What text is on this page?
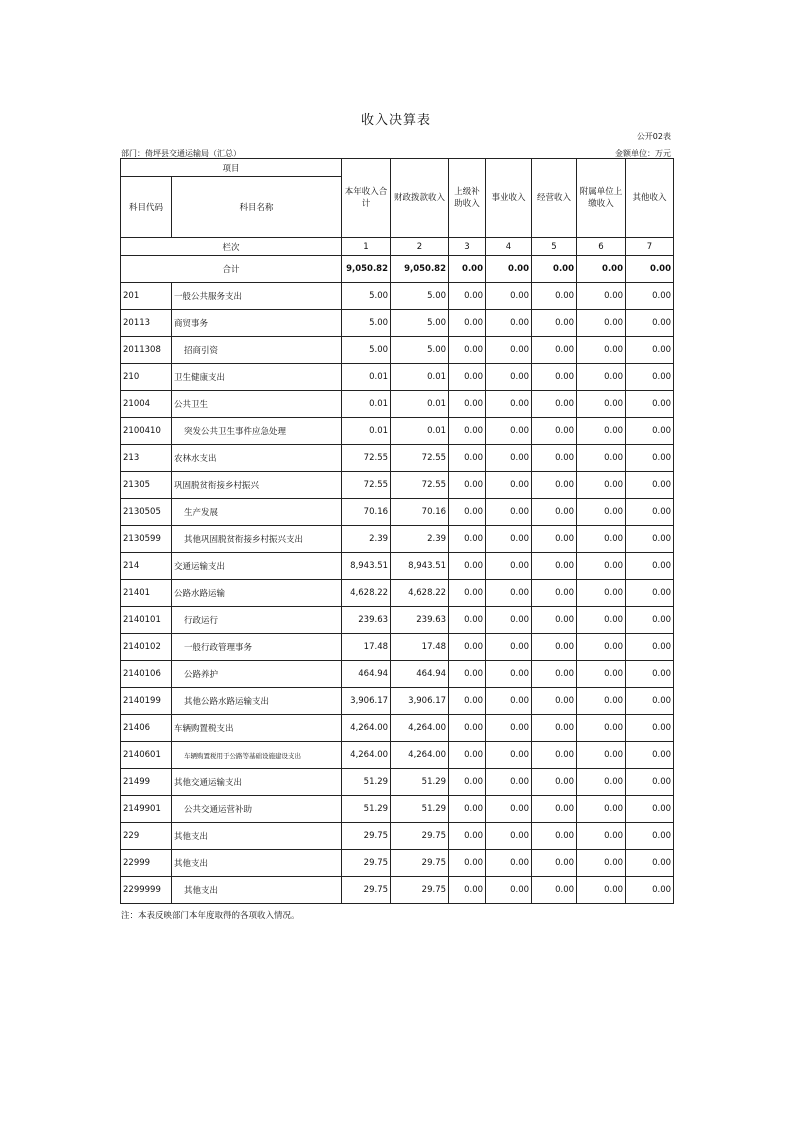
收入决算表
公开02表
部门：倚坪县交通运输局（汇总）	金额单位：万元
项目		本年收入合计	财政拨款收入	上级补助收入	事业收入	经营收入	附属单位上缴收入	其他收入
科目代码	科目名称							
栏次		1	2	3	4	5	6	7
合计		9,050.82	9,050.82	0.00	0.00	0.00	0.00	0.00
201	一般公共服务支出	5.00	5.00	0.00	0.00	0.00	0.00	0.00
20113	商贸事务	5.00	5.00	0.00	0.00	0.00	0.00	0.00
2011308	招商引资	5.00	5.00	0.00	0.00	0.00	0.00	0.00
210	卫生健康支出	0.01	0.01	0.00	0.00	0.00	0.00	0.00
21004	公共卫生	0.01	0.01	0.00	0.00	0.00	0.00	0.00
2100410	突发公共卫生事件应急处理	0.01	0.01	0.00	0.00	0.00	0.00	0.00
213	农林水支出	72.55	72.55	0.00	0.00	0.00	0.00	0.00
21305	巩固脱贫衔接乡村振兴	72.55	72.55	0.00	0.00	0.00	0.00	0.00
2130505	生产发展	70.16	70.16	0.00	0.00	0.00	0.00	0.00
2130599	其他巩固脱贫衔接乡村振兴支出	2.39	2.39	0.00	0.00	0.00	0.00	0.00
214	交通运输支出	8,943.51	8,943.51	0.00	0.00	0.00	0.00	0.00
21401	公路水路运输	4,628.22	4,628.22	0.00	0.00	0.00	0.00	0.00
2140101	行政运行	239.63	239.63	0.00	0.00	0.00	0.00	0.00
2140102	一般行政管理事务	17.48	17.48	0.00	0.00	0.00	0.00	0.00
2140106	公路养护	464.94	464.94	0.00	0.00	0.00	0.00	0.00
2140199	其他公路水路运输支出	3,906.17	3,906.17	0.00	0.00	0.00	0.00	0.00
21406	车辆购置税支出	4,264.00	4,264.00	0.00	0.00	0.00	0.00	0.00
2140601	车辆购置税用于公路等基础设施建设支出	4,264.00	4,264.00	0.00	0.00	0.00	0.00	0.00
21499	其他交通运输支出	51.29	51.29	0.00	0.00	0.00	0.00	0.00
2149901	公共交通运营补助	51.29	51.29	0.00	0.00	0.00	0.00	0.00
229	其他支出	29.75	29.75	0.00	0.00	0.00	0.00	0.00
22999	其他支出	29.75	29.75	0.00	0.00	0.00	0.00	0.00
2299999	其他支出	29.75	29.75	0.00	0.00	0.00	0.00	0.00
注：本表反映部门本年度取得的各项收入情况。
